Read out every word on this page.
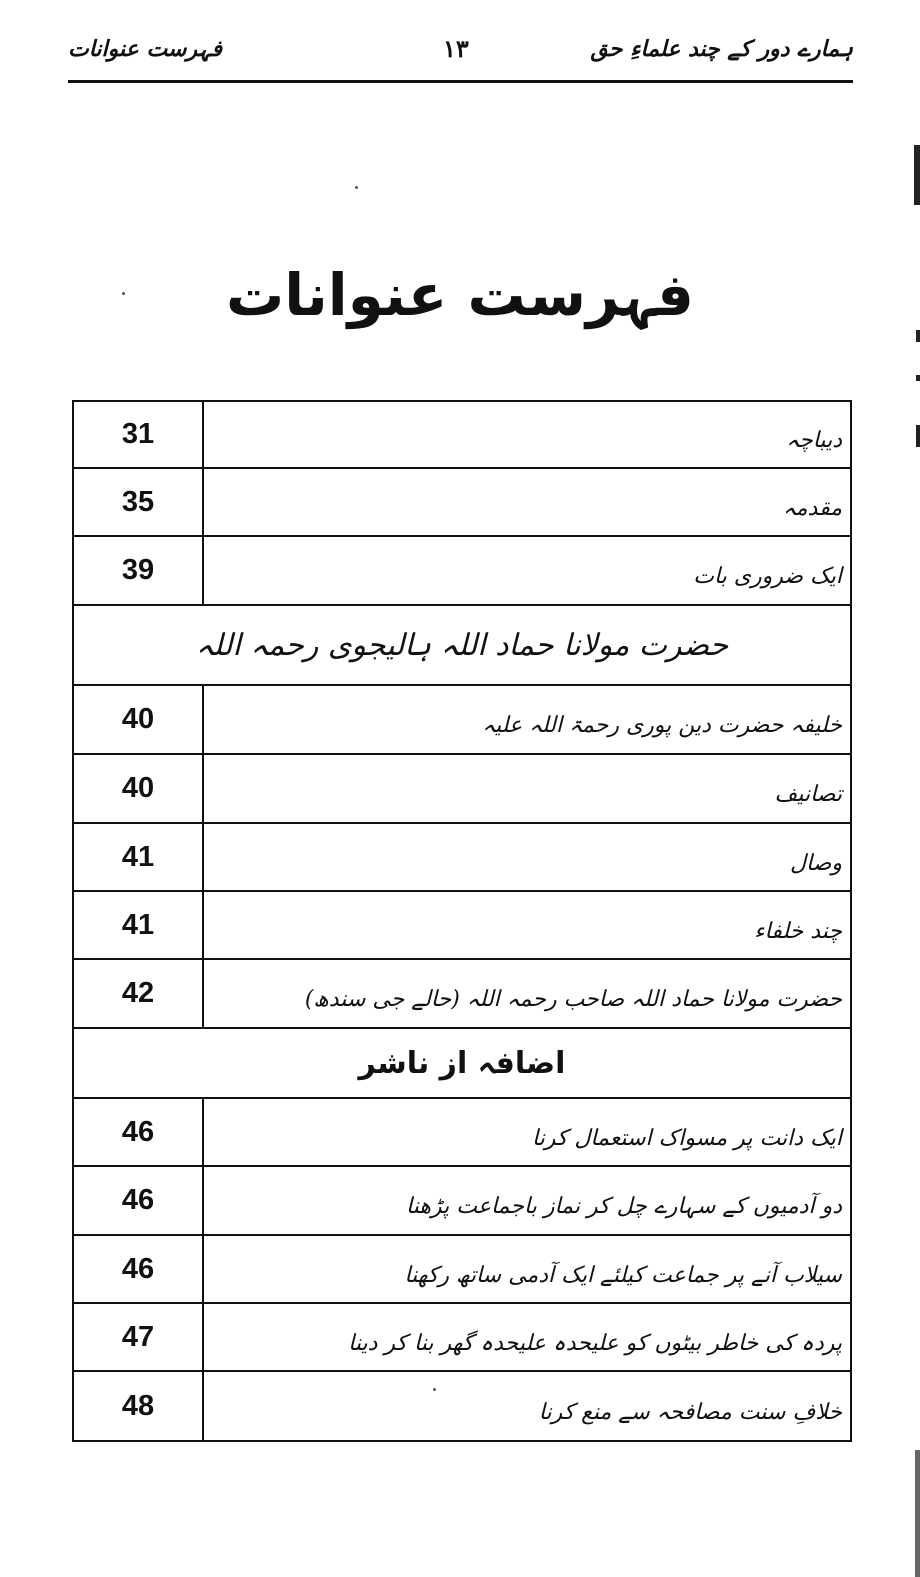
فہرست عنوانات	۱۳	ہمارے دور کے چند علماءِ حق
فہرست عنوانات
31	دیباچہ
35	مقدمہ
39	ایک ضروری بات
حضرت مولانا حماد اللہ ہالیجوی رحمہ اللہ	
40	خلیفہ حضرت دین پوری رحمۃ اللہ علیہ
40	تصانیف
41	وصال
41	چند خلفاء
42	حضرت مولانا حماد اللہ صاحب رحمہ اللہ (حالے جی سندھ)
اضافہ از ناشر	
46	ایک دانت پر مسواک استعمال کرنا
46	دو آدمیوں کے سہارے چل کر نماز باجماعت پڑھنا
46	سیلاب آنے پر جماعت کیلئے ایک آدمی ساتھ رکھنا
47	پردہ کی خاطر بیٹوں کو علیحدہ علیحدہ گھر بنا کر دینا
48	خلافِ سنت مصافحہ سے منع کرنا
